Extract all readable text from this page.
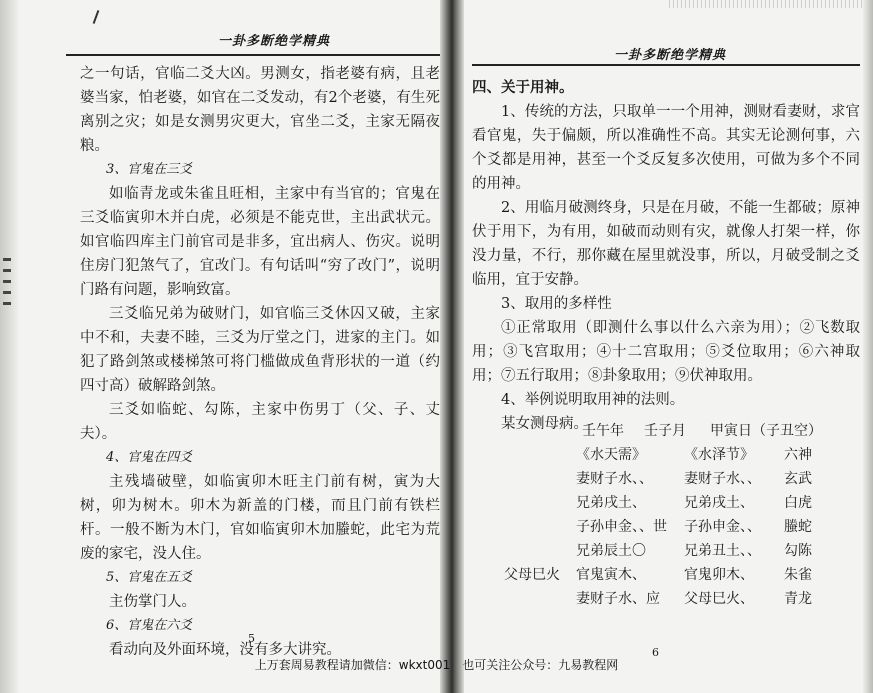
一卦多断绝学精典

之一句话，官临二爻大凶。男测女，指老婆有病，且老婆当家，怕老婆，如官在二爻发动，有2个老婆，有生死离别之灾；如是女测男灾更大，官坐二爻，主家无隔夜粮。

3、官鬼在三爻

如临青龙或朱雀且旺相，主家中有当官的；官鬼在三爻临寅卯木并白虎，必须是不能克世，主出武状元。如官临四库主门前官司是非多，宜出病人、伤灾。说明住房门犯煞气了，宜改门。有句话叫“穷了改门”，说明门路有问题，影响致富。

三爻临兄弟为破财门，如官临三爻休囚又破，主家中不和，夫妻不睦，三爻为厅堂之门，进家的主门。如犯了路剑煞或楼梯煞可将门槛做成鱼背形状的一道（约四寸高）破解路剑煞。

三爻如临蛇、勾陈，主家中伤男丁（父、子、丈夫）。

4、官鬼在四爻

主残墙破壁，如临寅卯木旺主门前有树，寅为大树，卯为树木。卯木为新盖的门楼，而且门前有铁栏杆。一般不断为木门，官如临寅卯木加螣蛇，此宅为荒废的家宅，没人住。

5、官鬼在五爻

主伤掌门人。

6、官鬼在六爻

看动向及外面环境，没有多大讲究。

5
一卦多断绝学精典

四、关于用神。

1、传统的方法，只取单一一个用神，测财看妻财，求官看官鬼，失于偏颇，所以准确性不高。其实无论测何事，六个爻都是用神，甚至一个爻反复多次使用，可做为多个不同的用神。

2、用临月破测终身，只是在月破，不能一生都破；原神伏于用下，为有用，如破而动则有灾，就像人打架一样，你没力量，不行，那你藏在屋里就没事，所以，月破受制之爻临用，宜于安静。

3、取用的多样性

①正常取用（即测什么事以什么六亲为用）；②飞数取用；③飞宫取用；④十二宫取用；⑤爻位取用；⑥六神取用；⑦五行取用；⑧卦象取用；⑨伏神取用。

4、举例说明取用神的法则。

某女测母病。

壬午年 壬子月 甲寅日（子丑空）
《水天需》	《水泽节》 六神
妻财子水、、 妻财子水、、 玄武
兄弟戌土、	兄弟戌土、 白虎
子孙申金、、世 子孙申金、、 螣蛇
兄弟辰土〇	兄弟丑土、、 勾陈
父母巳火 官鬼寅木、	官鬼卯木、 朱雀
妻财子水、应 父母巳火、 青龙
6
上万套周易教程请加微信：wkxt001　也可关注公众号：九易教程网
